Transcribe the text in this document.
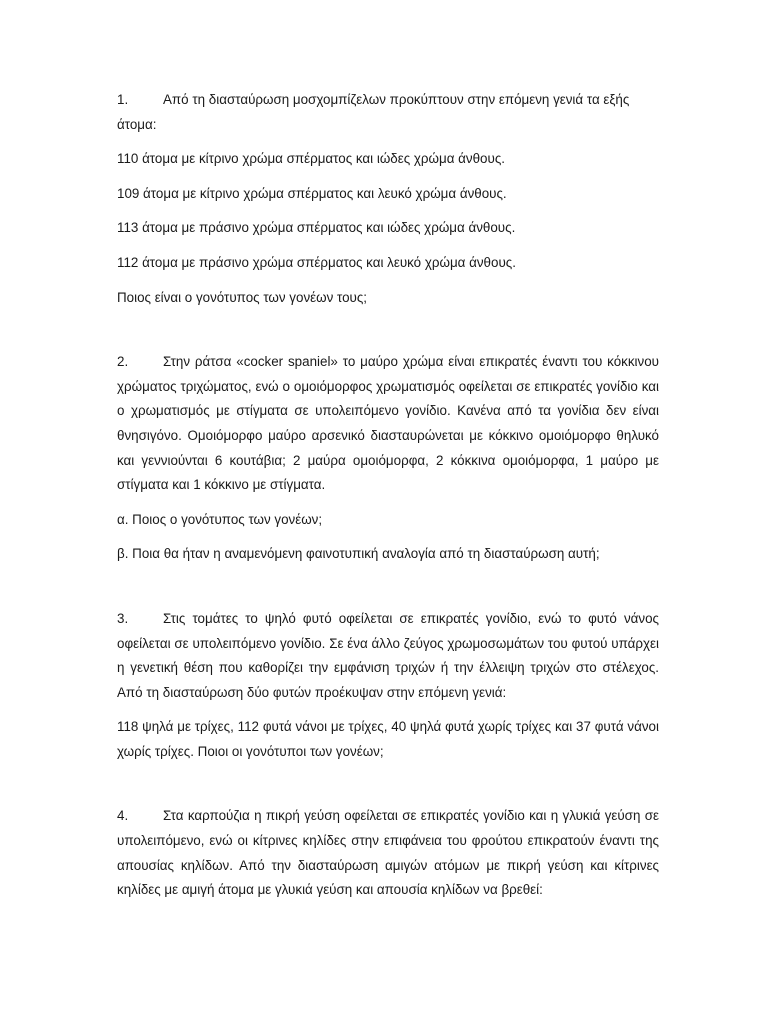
1.	Από τη διασταύρωση μοσχομπίζελων προκύπτουν στην επόμενη γενιά τα εξής άτομα:

110 άτομα με κίτρινο χρώμα σπέρματος και ιώδες χρώμα άνθους.

109 άτομα με κίτρινο χρώμα σπέρματος και λευκό χρώμα άνθους.

113 άτομα με πράσινο χρώμα σπέρματος και ιώδες χρώμα άνθους.

112 άτομα με πράσινο χρώμα σπέρματος και λευκό χρώμα άνθους.

Ποιος είναι ο γονότυπος των γονέων τους;

2.	Στην ράτσα «cocker spaniel» το μαύρο χρώμα είναι επικρατές έναντι του κόκκινου χρώματος τριχώματος, ενώ ο ομοιόμορφος χρωματισμός οφείλεται σε επικρατές γονίδιο και ο χρωματισμός με στίγματα σε υπολειπόμενο γονίδιο. Κανένα από τα γονίδια δεν είναι θνησιγόνο. Ομοιόμορφο μαύρο αρσενικό διασταυρώνεται με κόκκινο ομοιόμορφο θηλυκό και γεννιούνται 6 κουτάβια; 2 μαύρα ομοιόμορφα, 2 κόκκινα ομοιόμορφα, 1 μαύρο με στίγματα και 1 κόκκινο με στίγματα.

α. Ποιος ο γονότυπος των γονέων;

β. Ποια θα ήταν η αναμενόμενη φαινοτυπική αναλογία από τη διασταύρωση αυτή;

3.	Στις τομάτες το ψηλό φυτό οφείλεται σε επικρατές γονίδιο, ενώ το φυτό νάνος οφείλεται σε υπολειπόμενο γονίδιο. Σε ένα άλλο ζεύγος χρωμοσωμάτων του φυτού υπάρχει η γενετική θέση που καθορίζει την εμφάνιση τριχών ή την έλλειψη τριχών στο στέλεχος. Από τη διασταύρωση δύο φυτών προέκυψαν στην επόμενη γενιά:

118 ψηλά με τρίχες, 112 φυτά νάνοι με τρίχες, 40 ψηλά φυτά χωρίς τρίχες και 37 φυτά νάνοι χωρίς τρίχες. Ποιοι οι γονότυποι των γονέων;

4.	Στα καρπούζια η πικρή γεύση οφείλεται σε επικρατές γονίδιο και η γλυκιά γεύση σε υπολειπόμενο, ενώ οι κίτρινες κηλίδες στην επιφάνεια του φρούτου επικρατούν έναντι της απουσίας κηλίδων. Από την διασταύρωση αμιγών ατόμων με πικρή γεύση και κίτρινες κηλίδες με αμιγή άτομα με γλυκιά γεύση και απουσία κηλίδων να βρεθεί:
